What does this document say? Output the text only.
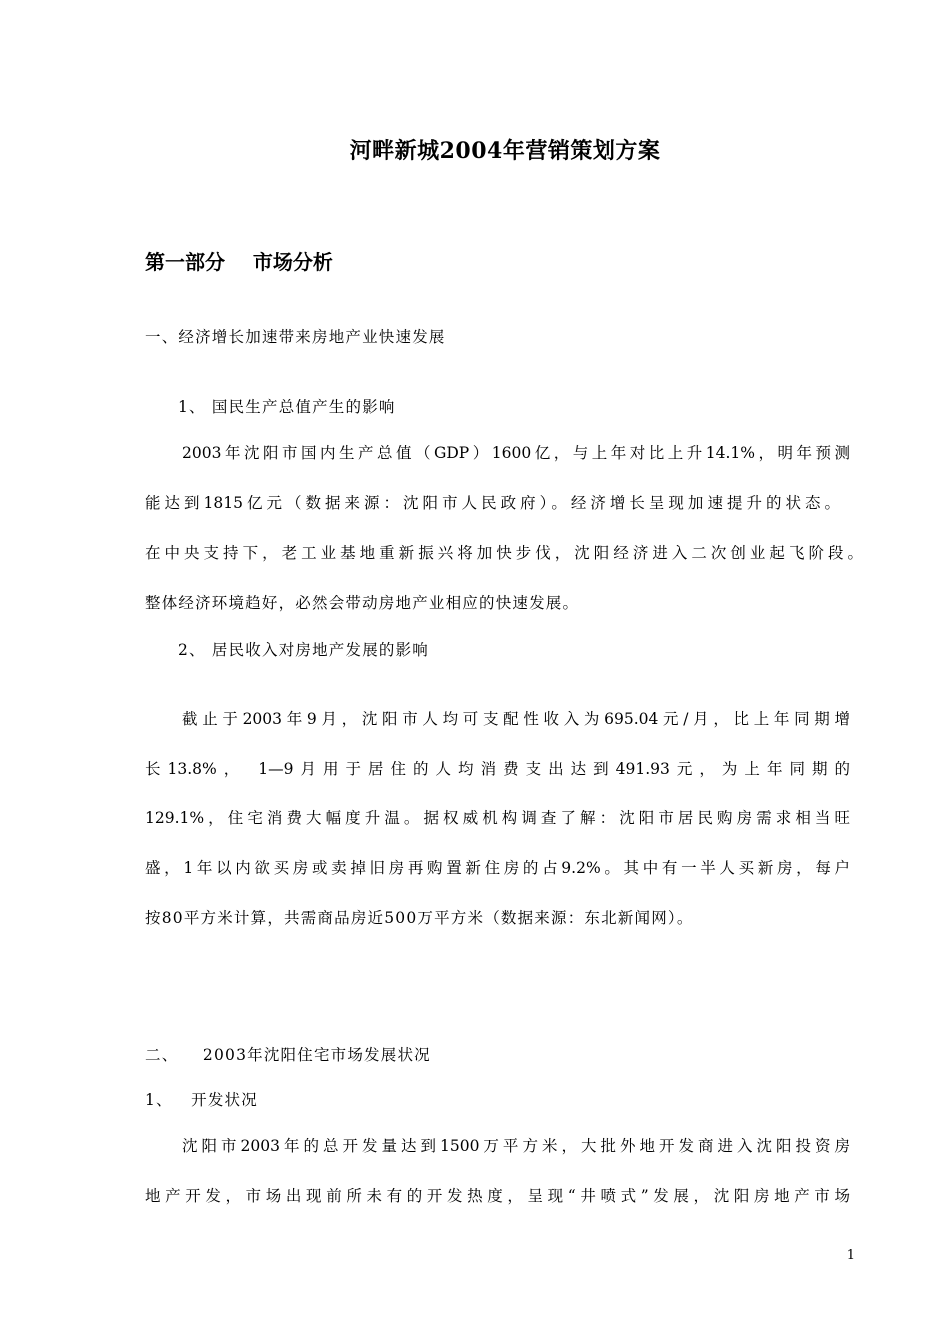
河畔新城2004年营销策划方案
第一部分    市场分析
一、经济增长加速带来房地产业快速发展
1、 国民生产总值产生的影响
2003年沈阳市国内生产总值（GDP）1600亿，与上年对比上升14.1%，明年预测
能达到1815亿元（数据来源：沈阳市人民政府）。经济增长呈现加速提升的状态。
在中央支持下，老工业基地重新振兴将加快步伐，沈阳经济进入二次创业起飞阶段。
整体经济环境趋好，必然会带动房地产业相应的快速发展。
2、 居民收入对房地产发展的影响
截止于2003年9月，沈阳市人均可支配性收入为695.04元/月，比上年同期增
长13.8%， 1—9月用于居住的人均消费支出达到491.93元，为上年同期的
129.1%，住宅消费大幅度升温。据权威机构调查了解：沈阳市居民购房需求相当旺
盛，1年以内欲买房或卖掉旧房再购置新住房的占9.2%。其中有一半人买新房，每户
按80平方米计算，共需商品房近500万平方米（数据来源：东北新闻网）。
二、    2003年沈阳住宅市场发展状况
1、   开发状况
沈阳市2003年的总开发量达到1500万平方米，大批外地开发商进入沈阳投资房
地产开发，市场出现前所未有的开发热度，呈现“井喷式”发展，沈阳房地产市场
1
